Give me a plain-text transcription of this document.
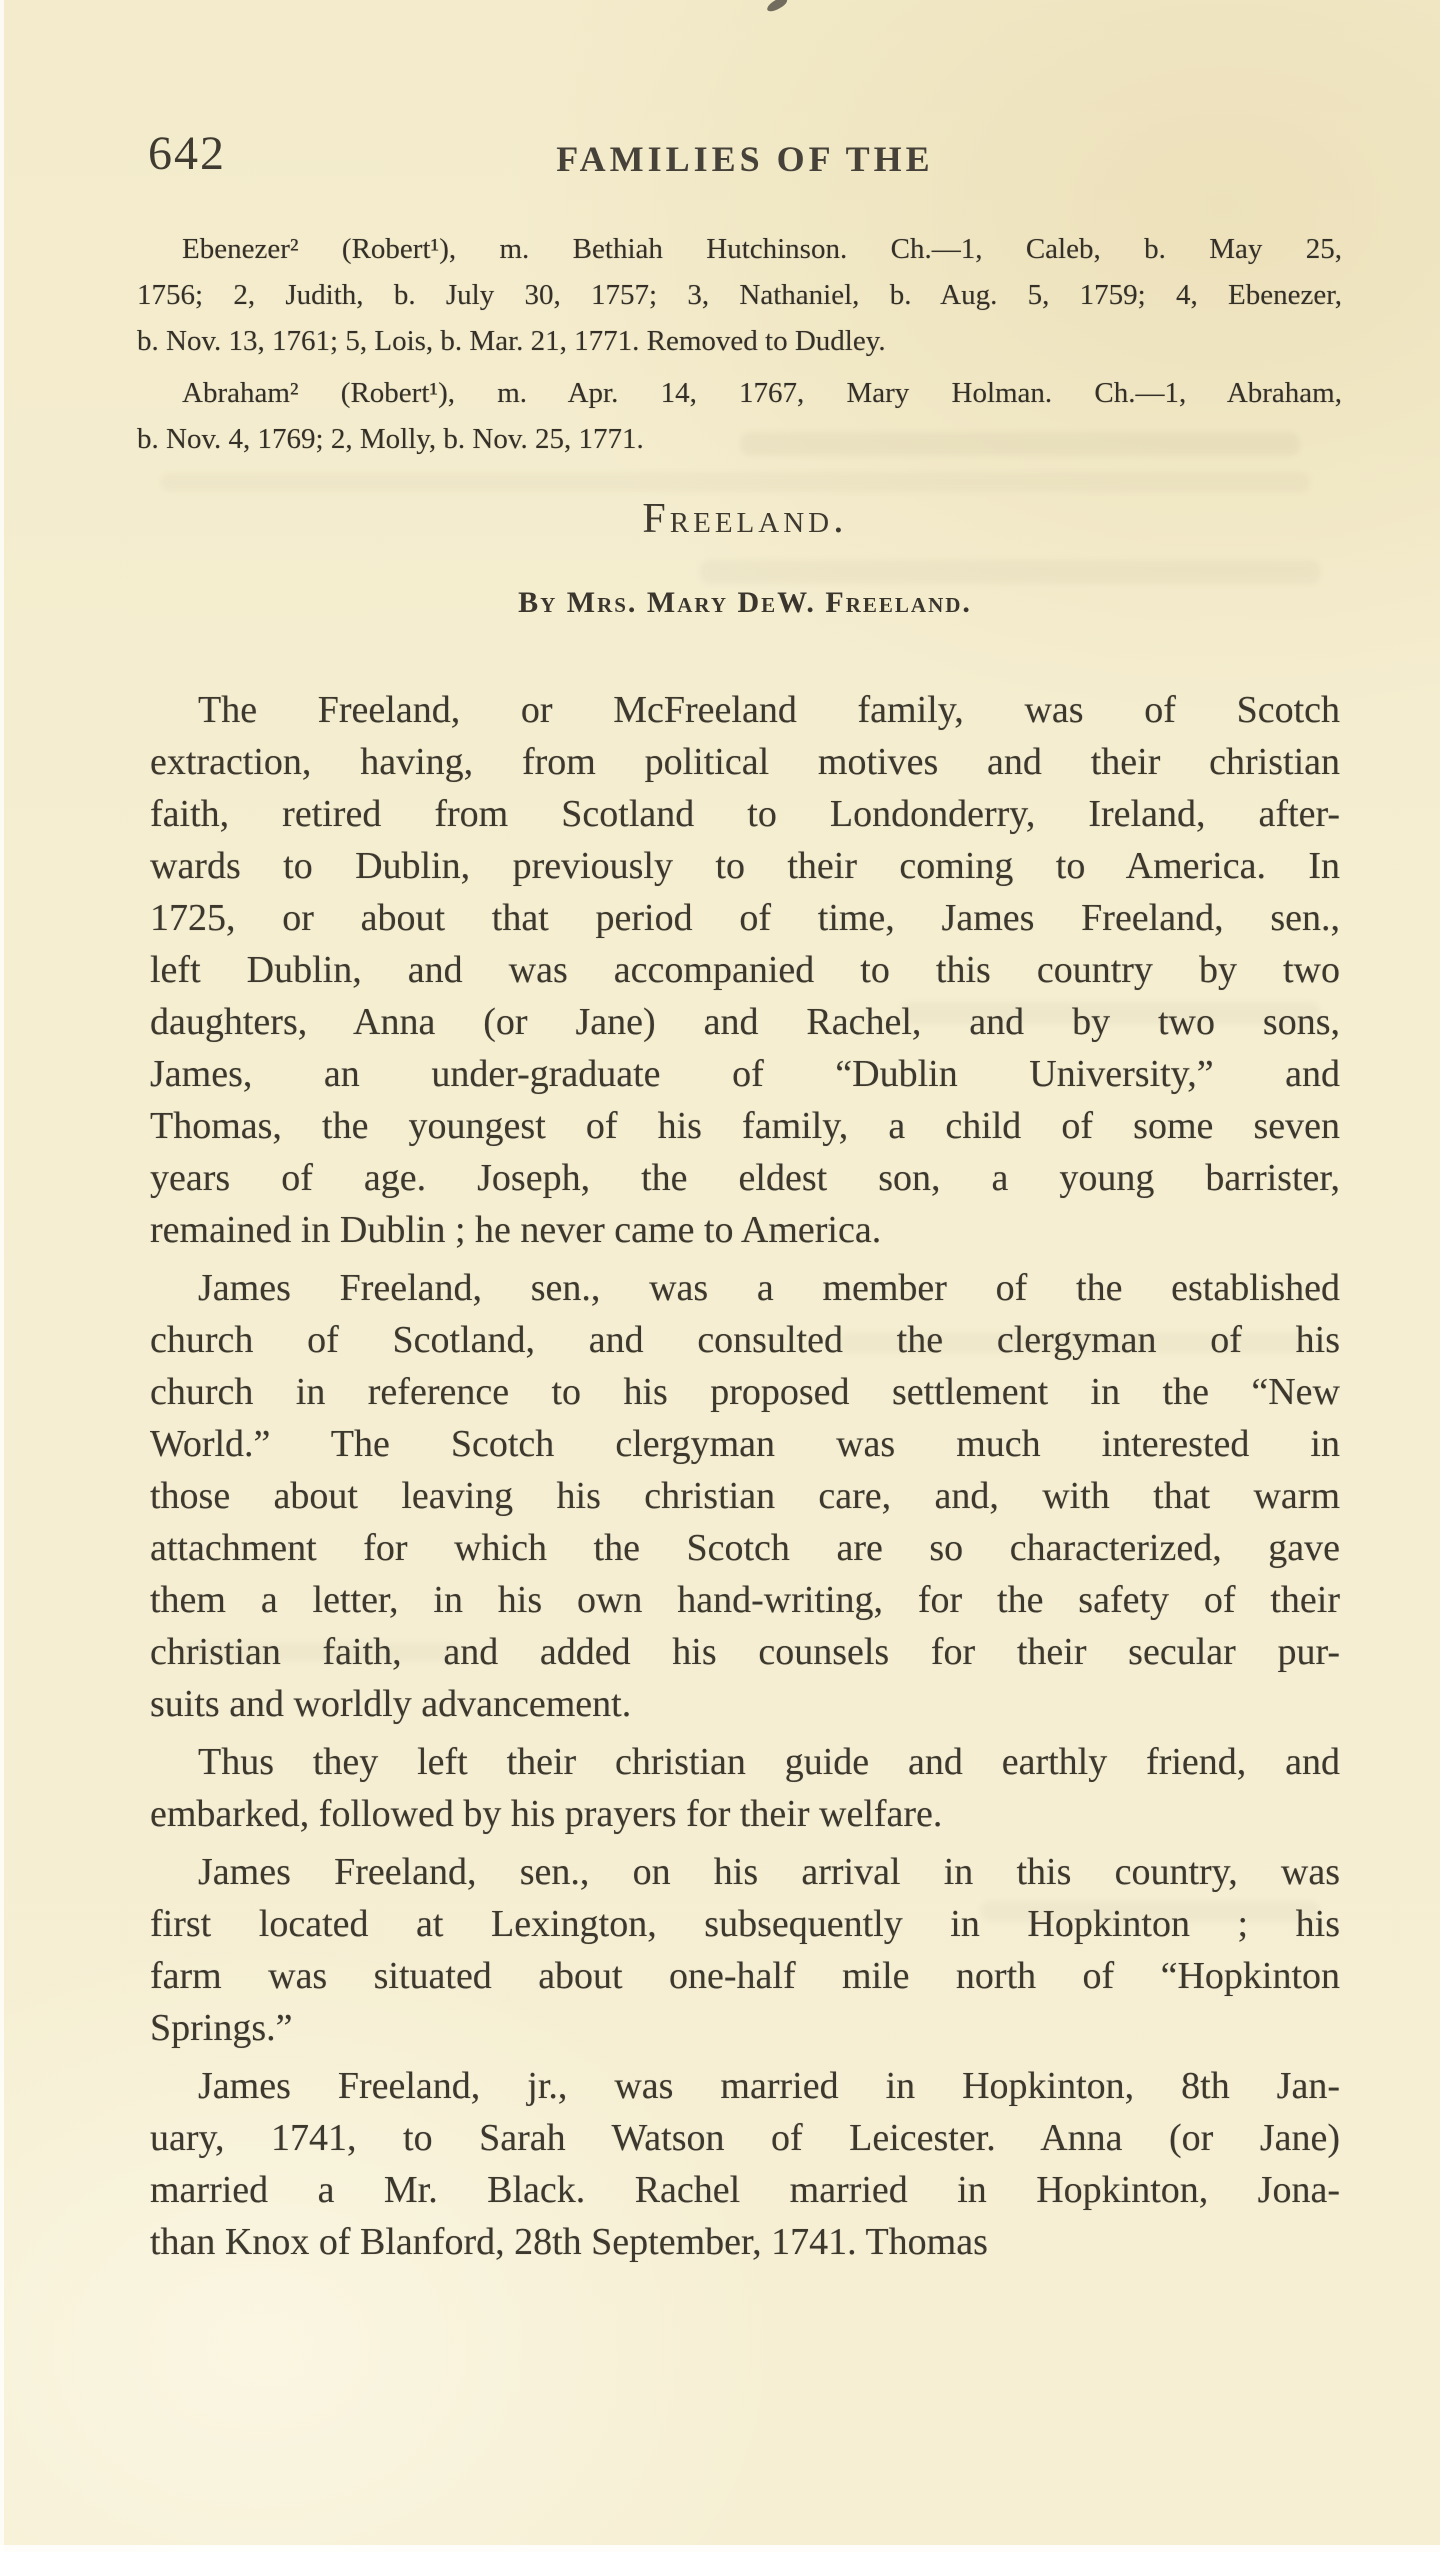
642	FAMILIES OF THE
Ebenezer² (Robert¹), m. Bethiah Hutchinson. Ch.—1, Caleb, b. May 25,
1756; 2, Judith, b. July 30, 1757; 3, Nathaniel, b. Aug. 5, 1759; 4, Ebenezer,
b. Nov. 13, 1761; 5, Lois, b. Mar. 21, 1771. Removed to Dudley.
Abraham² (Robert¹), m. Apr. 14, 1767, Mary Holman. Ch.—1, Abraham,
b. Nov. 4, 1769; 2, Molly, b. Nov. 25, 1771.
Freeland.
By Mrs. Mary DeW. Freeland.
The Freeland, or McFreeland family, was of Scotch
extraction, having, from political motives and their christian
faith, retired from Scotland to Londonderry, Ireland, after-
wards to Dublin, previously to their coming to America. In
1725, or about that period of time, James Freeland, sen.,
left Dublin, and was accompanied to this country by two
daughters, Anna (or Jane) and Rachel, and by two sons,
James, an under-graduate of “Dublin University,” and
Thomas, the youngest of his family, a child of some seven
years of age. Joseph, the eldest son, a young barrister,
remained in Dublin ; he never came to America.
James Freeland, sen., was a member of the established
church of Scotland, and consulted the clergyman of his
church in reference to his proposed settlement in the “New
World.” The Scotch clergyman was much interested in
those about leaving his christian care, and, with that warm
attachment for which the Scotch are so characterized, gave
them a letter, in his own hand-writing, for the safety of their
christian faith, and added his counsels for their secular pur-
suits and worldly advancement.
Thus they left their christian guide and earthly friend, and
embarked, followed by his prayers for their welfare.
James Freeland, sen., on his arrival in this country, was
first located at Lexington, subsequently in Hopkinton ; his
farm was situated about one-half mile north of “Hopkinton
Springs.”
James Freeland, jr., was married in Hopkinton, 8th Jan-
uary, 1741, to Sarah Watson of Leicester. Anna (or Jane)
married a Mr. Black. Rachel married in Hopkinton, Jona-
than Knox of Blanford, 28th September, 1741. Thomas
